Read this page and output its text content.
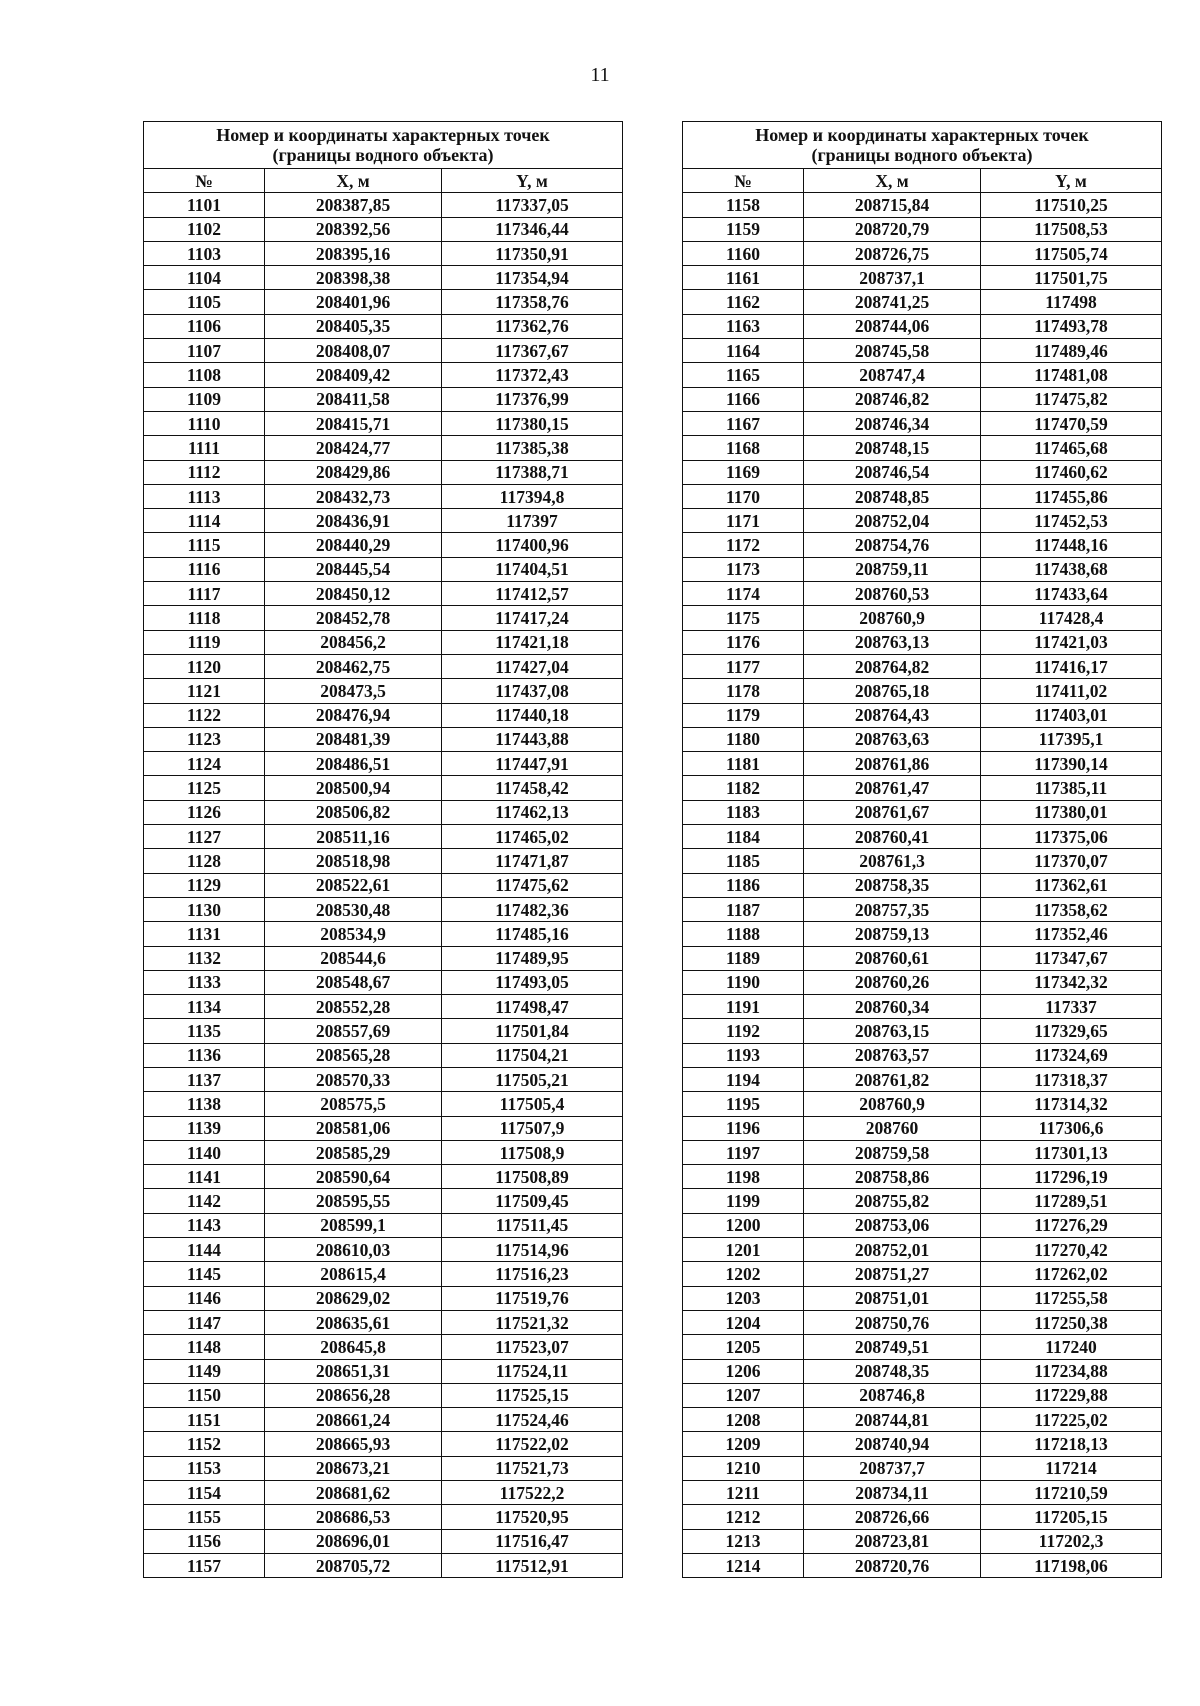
11
Номер и координаты характерных точек
(границы водного объекта)		

№	X, м	Y, м
1101	208387,85	117337,05
1102	208392,56	117346,44
1103	208395,16	117350,91
1104	208398,38	117354,94
1105	208401,96	117358,76
1106	208405,35	117362,76
1107	208408,07	117367,67
1108	208409,42	117372,43
1109	208411,58	117376,99
1110	208415,71	117380,15
1111	208424,77	117385,38
1112	208429,86	117388,71
1113	208432,73	117394,8
1114	208436,91	117397
1115	208440,29	117400,96
1116	208445,54	117404,51
1117	208450,12	117412,57
1118	208452,78	117417,24
1119	208456,2	117421,18
1120	208462,75	117427,04
1121	208473,5	117437,08
1122	208476,94	117440,18
1123	208481,39	117443,88
1124	208486,51	117447,91
1125	208500,94	117458,42
1126	208506,82	117462,13
1127	208511,16	117465,02
1128	208518,98	117471,87
1129	208522,61	117475,62
1130	208530,48	117482,36
1131	208534,9	117485,16
1132	208544,6	117489,95
1133	208548,67	117493,05
1134	208552,28	117498,47
1135	208557,69	117501,84
1136	208565,28	117504,21
1137	208570,33	117505,21
1138	208575,5	117505,4
1139	208581,06	117507,9
1140	208585,29	117508,9
1141	208590,64	117508,89
1142	208595,55	117509,45
1143	208599,1	117511,45
1144	208610,03	117514,96
1145	208615,4	117516,23
1146	208629,02	117519,76
1147	208635,61	117521,32
1148	208645,8	117523,07
1149	208651,31	117524,11
1150	208656,28	117525,15
1151	208661,24	117524,46
1152	208665,93	117522,02
1153	208673,21	117521,73
1154	208681,62	117522,2
1155	208686,53	117520,95
1156	208696,01	117516,47
1157	208705,72	117512,91
Номер и координаты характерных точек
(границы водного объекта)		

№	X, м	Y, м
1158	208715,84	117510,25
1159	208720,79	117508,53
1160	208726,75	117505,74
1161	208737,1	117501,75
1162	208741,25	117498
1163	208744,06	117493,78
1164	208745,58	117489,46
1165	208747,4	117481,08
1166	208746,82	117475,82
1167	208746,34	117470,59
1168	208748,15	117465,68
1169	208746,54	117460,62
1170	208748,85	117455,86
1171	208752,04	117452,53
1172	208754,76	117448,16
1173	208759,11	117438,68
1174	208760,53	117433,64
1175	208760,9	117428,4
1176	208763,13	117421,03
1177	208764,82	117416,17
1178	208765,18	117411,02
1179	208764,43	117403,01
1180	208763,63	117395,1
1181	208761,86	117390,14
1182	208761,47	117385,11
1183	208761,67	117380,01
1184	208760,41	117375,06
1185	208761,3	117370,07
1186	208758,35	117362,61
1187	208757,35	117358,62
1188	208759,13	117352,46
1189	208760,61	117347,67
1190	208760,26	117342,32
1191	208760,34	117337
1192	208763,15	117329,65
1193	208763,57	117324,69
1194	208761,82	117318,37
1195	208760,9	117314,32
1196	208760	117306,6
1197	208759,58	117301,13
1198	208758,86	117296,19
1199	208755,82	117289,51
1200	208753,06	117276,29
1201	208752,01	117270,42
1202	208751,27	117262,02
1203	208751,01	117255,58
1204	208750,76	117250,38
1205	208749,51	117240
1206	208748,35	117234,88
1207	208746,8	117229,88
1208	208744,81	117225,02
1209	208740,94	117218,13
1210	208737,7	117214
1211	208734,11	117210,59
1212	208726,66	117205,15
1213	208723,81	117202,3
1214	208720,76	117198,06
